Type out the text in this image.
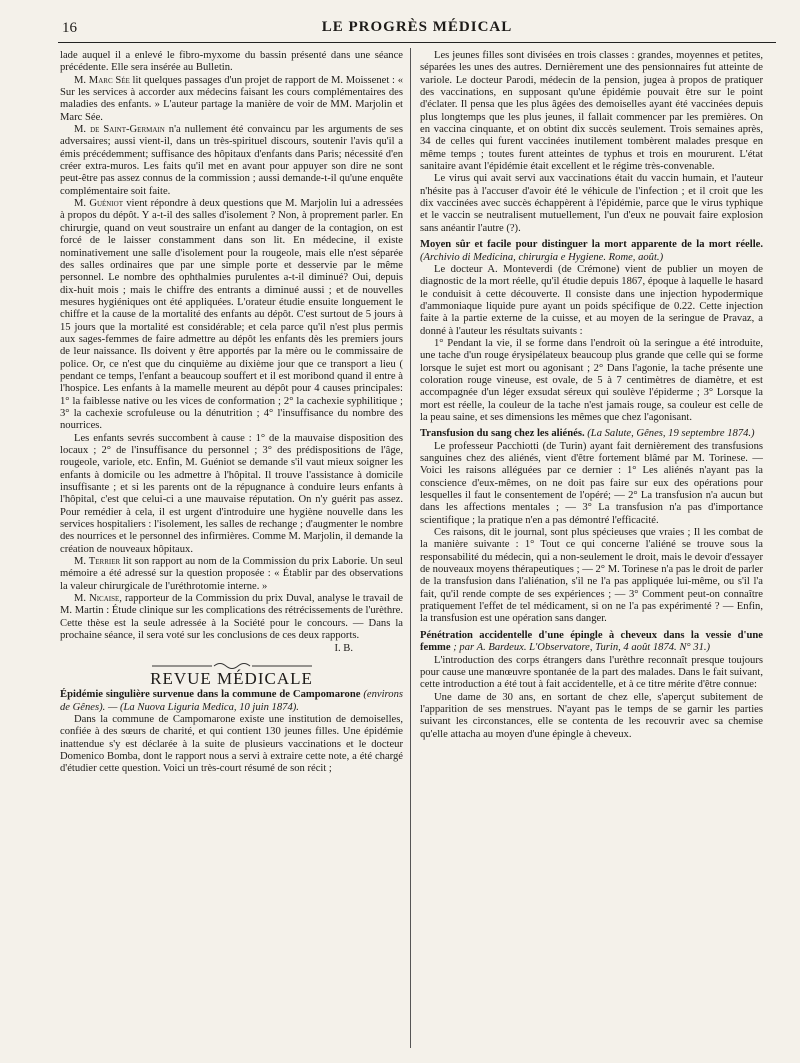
16	LE PROGRÈS MÉDICAL

lade auquel il a enlevé le fibro-myxome du bassin présenté dans une séance précédente. Elle sera insérée au Bulletin.

M. Marc Sée lit quelques passages d'un projet de rapport de M. Moissenet : « Sur les services à accorder aux médecins faisant les cours complémentaires des maladies des enfants. » L'auteur partage la manière de voir de MM. Marjolin et Marc Sée.

M. de Saint-Germain n'a nullement été convaincu par les arguments de ses adversaires; aussi vient-il, dans un très-spirituel discours, soutenir l'avis qu'il a émis précédemment; suffisance des hôpitaux d'enfants dans Paris; nécessité d'en créer extra-muros. Les faits qu'il met en avant pour appuyer son dire ne sont peut-être pas assez connus de la commission ; aussi demande-t-il qu'une enquête complémentaire soit faite.

M. Guéniot vient répondre à deux questions que M. Marjolin lui a adressées à propos du dépôt. Y a-t-il des salles d'isolement ? Non, à proprement parler. En chirurgie, quand on veut soustraire un enfant au danger de la contagion, on est forcé de le laisser constamment dans son lit. En médecine, il existe nominativement une salle d'isolement pour la rougeole, mais elle n'est séparée des salles ordinaires que par une simple porte et desservie par le même personnel. Le nombre des ophthalmies purulentes a-t-il diminué? Oui, depuis dix-huit mois ; mais le chiffre des entrants a diminué aussi ; et de nouvelles mesures hygiéniques ont été appliquées. L'orateur étudie ensuite longuement le chiffre et la cause de la mortalité des enfants au dépôt. C'est surtout de 5 jours à 15 jours que la mortalité est considérable; et cela parce qu'il n'est plus permis aux sages-femmes de faire admettre au dépôt les enfants dès les premiers jours de leur naissance. Ils doivent y être apportés par la mère ou le commissaire de police. Or, ce n'est que du cinquième au dixième jour que ce transport a lieu ( pendant ce temps, l'enfant a beaucoup souffert et il est moribond quand il entre à l'hospice. Les enfants à la mamelle meurent au dépôt pour 4 causes principales: 1° la faiblesse native ou les vices de conformation ; 2° la cachexie syphilitique ; 3° la cachexie scrofuleuse ou la dénutrition ; 4° l'insuffisance du nombre des nourrices.

Les enfants sevrés succombent à cause : 1° de la mauvaise disposition des locaux ; 2° de l'insuffisance du personnel ; 3° des prédispositions de l'âge, rougeole, variole, etc. Enfin, M. Guéniot se demande s'il vaut mieux soigner les enfants à domicile ou les admettre à l'hôpital. Il trouve l'assistance à domicile insuffisante ; et si les parents ont de la répugnance à conduire leurs enfants à l'hôpital, c'est que celui-ci a une mauvaise réputation. On n'y guérit pas assez. Pour remédier à cela, il est urgent d'introduire une hygiène nouvelle dans les services hospitaliers : l'isolement, les salles de rechange ; d'augmenter le nombre des nourrices et le personnel des infirmières. Comme M. Marjolin, il demande la création de nouveaux hôpitaux.

M. Terrier lit son rapport au nom de la Commission du prix Laborie. Un seul mémoire a été adressé sur la question proposée : « Établir par des observations la valeur chirurgicale de l'uréthrotomie interne. »

M. Nicaise, rapporteur de la Commission du prix Duval, analyse le travail de M. Martin : Étude clinique sur les complications des rétrécissements de l'urèthre. Cette thèse est la seule adressée à la Société pour le concours. — Dans la prochaine séance, il sera voté sur les conclusions de ces deux rapports.

I. B.

REVUE MÉDICALE

Épidémie singulière survenue dans la commune de Campomarone (environs de Gênes). — (La Nuova Liguria Medica, 10 juin 1874).

Dans la commune de Campomarone existe une institution de demoiselles, confiée à des sœurs de charité, et qui contient 130 jeunes filles. Une épidémie inattendue s'y est déclarée à la suite de plusieurs vaccinations et le docteur Domenico Bomba, dont le rapport nous a servi à extraire cette note, a été chargé d'étudier cette question. Voici un très-court résumé de son récit ;

Les jeunes filles sont divisées en trois classes : grandes, moyennes et petites, séparées les unes des autres. Dernièrement une des pensionnaires fut atteinte de variole. Le docteur Parodi, médecin de la pension, jugea à propos de pratiquer des vaccinations, en supposant qu'une épidémie pouvait être sur le point d'éclater. Il pensa que les plus âgées des demoiselles ayant été vaccinées depuis plus longtemps que les plus jeunes, il fallait commencer par les premières. On en vaccina cinquante, et on obtint dix succès seulement. Trois semaines après, 34 de celles qui furent vaccinées inutilement tombèrent malades presque en même temps ; toutes furent atteintes de typhus et trois en moururent. L'état sanitaire avant l'épidémie était excellent et le régime très-convenable.

Le virus qui avait servi aux vaccinations était du vaccin humain, et l'auteur n'hésite pas à l'accuser d'avoir été le véhicule de l'infection ; et il croit que les dix vaccinées avec succès échappèrent à l'épidémie, parce que le virus typhique et le vaccin se neutralisent mutuellement, l'un d'eux ne pouvait faire explosion sans anéantir l'autre (?).

Moyen sûr et facile pour distinguer la mort apparente de la mort réelle. (Archivio di Medicina, chirurgia e Hygiene. Rome, août.)

Le docteur A. Monteverdi (de Crémone) vient de publier un moyen de diagnostic de la mort réelle, qu'il étudie depuis 1867, époque à laquelle le hasard le conduisit à cette découverte. Il consiste dans une injection hypodermique d'ammoniaque liquide pure ayant un poids spécifique de 0.22. Cette injection faite à la partie externe de la cuisse, et au moyen de la seringue de Pravaz, a donné à l'auteur les résultats suivants :

1° Pendant la vie, il se forme dans l'endroit où la seringue a été introduite, une tache d'un rouge érysipélateux beaucoup plus grande que celle qui se forme lorsque le sujet est mort ou agonisant ; 2° Dans l'agonie, la tache présente une coloration rouge vineuse, est ovale, de 5 à 7 centimètres de diamètre, et est accompagnée d'un léger exsudat séreux qui soulève l'épiderme ; 3° Lorsque la mort est réelle, la couleur de la tache n'est jamais rouge, sa couleur est celle de la peau saine, et ses dimensions les mêmes que chez l'agonisant.

Transfusion du sang chez les aliénés. (La Salute, Gênes, 19 septembre 1874.)

Le professeur Pacchiotti (de Turin) ayant fait dernièrement des transfusions sanguines chez des aliénés, vient d'être fortement blâmé par M. Torinese. — Voici les raisons alléguées par ce dernier : 1° Les aliénés n'ayant pas la conscience d'eux-mêmes, on ne doit pas faire sur eux des opérations pour lesquelles il faut le consentement de l'opéré; — 2° La transfusion n'a aucun but dans les affections mentales ; — 3° La transfusion n'a pas d'importance scientifique ; la pratique n'en a pas démontré l'efficacité.

Ces raisons, dit le journal, sont plus spécieuses que vraies ; Il les combat de la manière suivante : 1° Tout ce qui concerne l'aliéné se trouve sous la responsabilité du médecin, qui a non-seulement le droit, mais le devoir d'essayer de nouveaux moyens thérapeutiques ; — 2° M. Torinese n'a pas le droit de parler de la transfusion dans l'aliénation, s'il ne l'a pas appliquée lui-même, ou s'il l'a fait, qu'il rende compte de ses expériences ; — 3° Comment peut-on connaître pratiquement l'effet de tel médicament, si on ne l'a pas expérimenté ? — Enfin, la transfusion est une opération sans danger.

Pénétration accidentelle d'une épingle à cheveux dans la vessie d'une femme ; par A. Bardeux. L'Observatore, Turin, 4 août 1874. N° 31.)

L'introduction des corps étrangers dans l'urèthre reconnaît presque toujours pour cause une manœuvre spontanée de la part des malades. Dans le fait suivant, cette introduction a été tout à fait accidentelle, et à ce titre mérite d'être connue:

Une dame de 30 ans, en sortant de chez elle, s'aperçut subitement de l'apparition de ses menstrues. N'ayant pas le temps de se garnir les parties suivant les circonstances, elle se contenta de les recouvrir avec sa chemise qu'elle attacha au moyen d'une épingle à cheveux.
